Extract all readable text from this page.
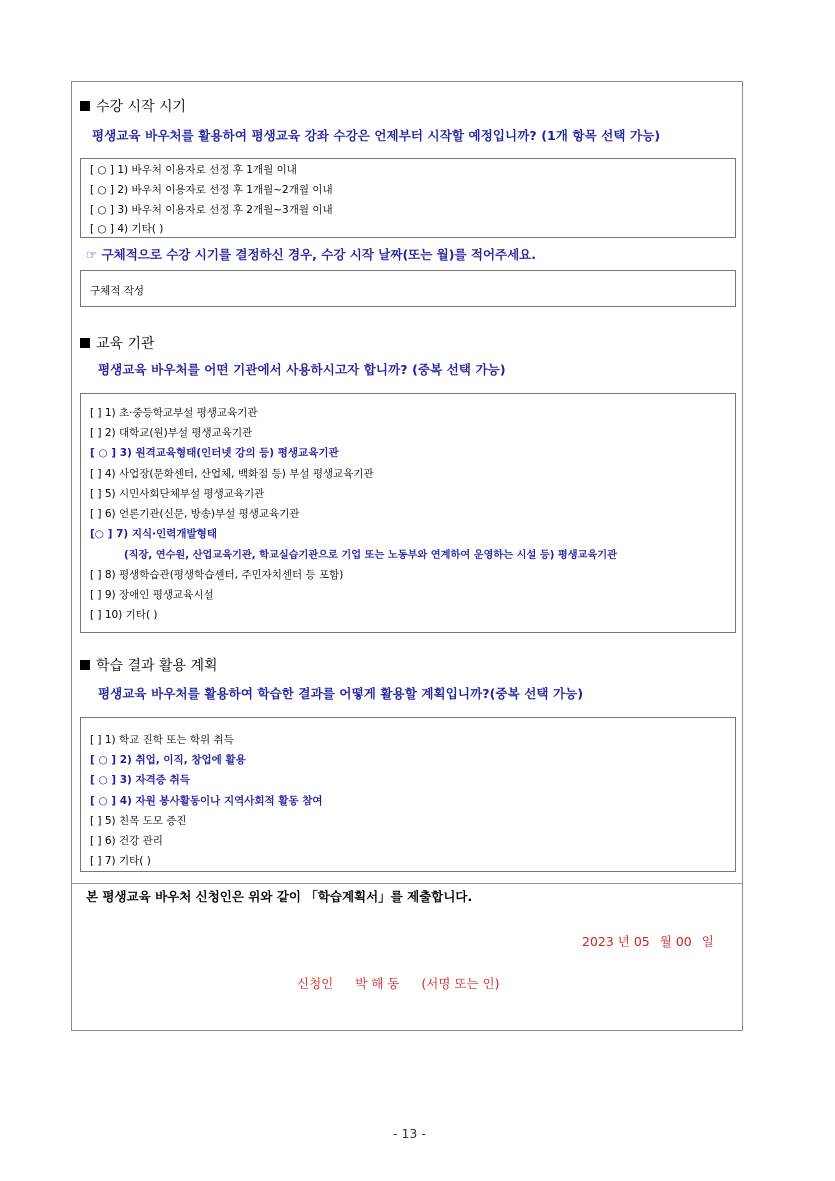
수강 시작 시기
평생교육 바우처를 활용하여 평생교육 강좌 수강은 언제부터 시작할 예정입니까? (1개 항목 선택 가능)
[ ○ ] 1) 바우처 이용자로 선정 후 1개월 이내
[ ○ ] 2) 바우처 이용자로 선정 후 1개월~2개월 이내
[ ○ ] 3) 바우처 이용자로 선정 후 2개월~3개월 이내
[ ○ ] 4) 기타( )
☞ 구체적으로 수강 시기를 결정하신 경우, 수강 시작 날짜(또는 월)를 적어주세요.
구체적 작성
교육 기관
평생교육 바우처를 어떤 기관에서 사용하시고자 합니까? (중복 선택 가능)
[ ] 1) 초·중등학교부설 평생교육기관
[ ] 2) 대학교(원)부설 평생교육기관
[ ○ ] 3) 원격교육형태(인터넷 강의 등) 평생교육기관
[ ] 4) 사업장(문화센터, 산업체, 백화점 등) 부설 평생교육기관
[ ] 5) 시민사회단체부설 평생교육기관
[ ] 6) 언론기관(신문, 방송)부설 평생교육기관
[○ ] 7) 지식·인력개발형태
(직장, 연수원, 산업교육기관, 학교실습기관으로 기업 또는 노동부와 연계하여 운영하는 시설 등) 평생교육기관
[ ] 8) 평생학습관(평생학습센터, 주민자치센터 등 포함)
[ ] 9) 장애인 평생교육시설
[ ] 10) 기타( )
학습 결과 활용 계획
평생교육 바우처를 활용하여 학습한 결과를 어떻게 활용할 계획입니까?(중복 선택 가능)
[ ] 1) 학교 진학 또는 학위 취득
[ ○ ] 2) 취업, 이직, 창업에 활용
[ ○ ] 3) 자격증 취득
[ ○ ] 4) 자원 봉사활동이나 지역사회적 활동 참여
[ ] 5) 친목 도모 증진
[ ] 6) 건강 관리
[ ] 7) 기타( )
본 평생교육 바우처 신청인은 위와 같이 「학습계획서」를 제출합니다.
2023 년 05 월 00 일
신청인 박 해 동 (서명 또는 인)
- 13 -
